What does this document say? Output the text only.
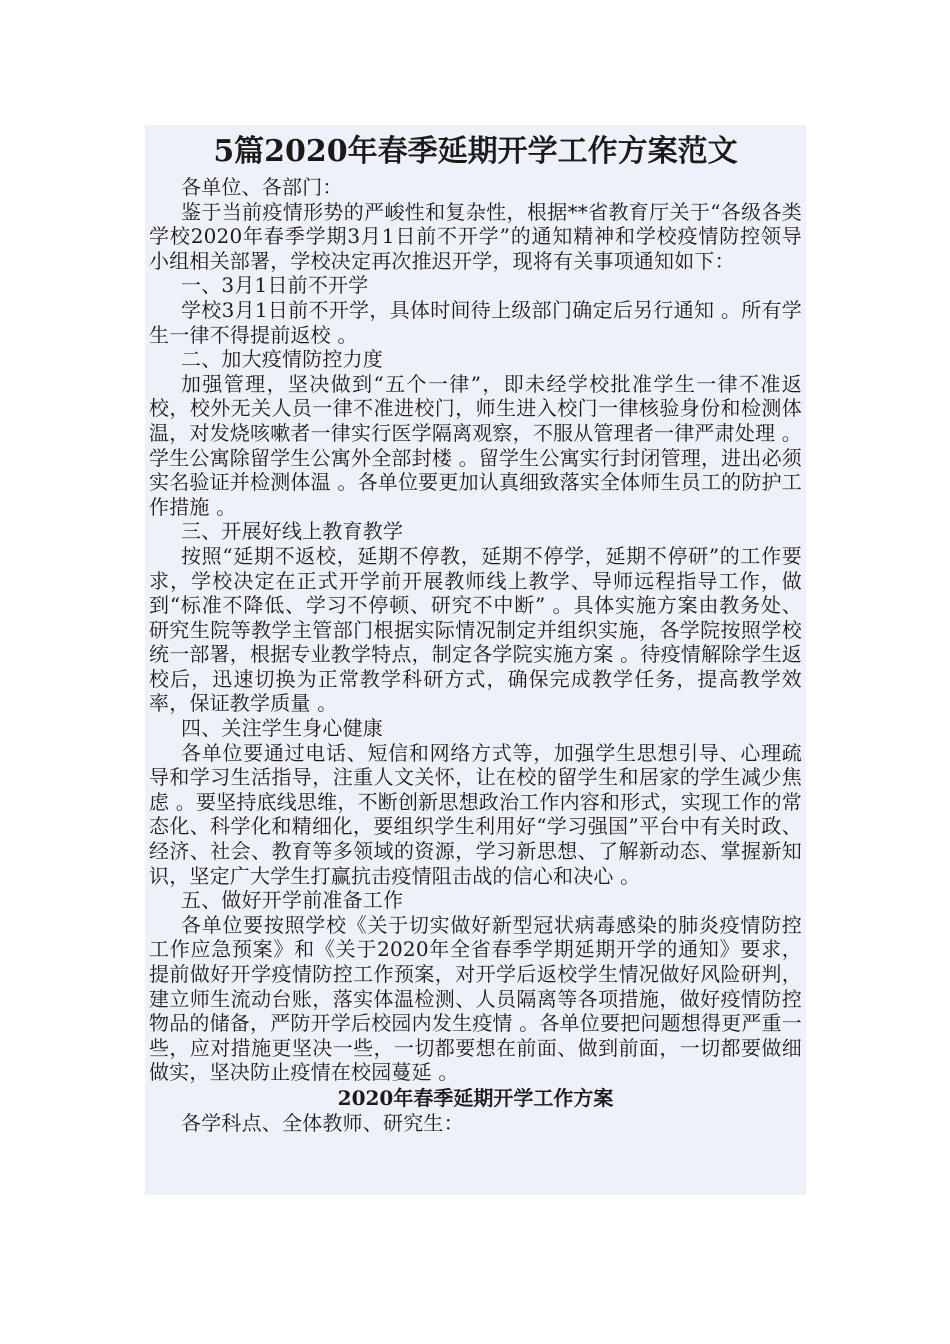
5篇2020年春季延期开学工作方案范文

各单位、各部门：

鉴于当前疫情形势的严峻性和复杂性，根据**省教育厅关于“各级各类学校2020年春季学期3月1日前不开学”的通知精神和学校疫情防控领导小组相关部署，学校决定再次推迟开学，现将有关事项通知如下：

一、3月1日前不开学

学校3月1日前不开学，具体时间待上级部门确定后另行通知 。所有学生一律不得提前返校 。

二、加大疫情防控力度

加强管理，坚决做到“五个一律”，即未经学校批准学生一律不准返校，校外无关人员一律不准进校门，师生进入校门一律核验身份和检测体温，对发烧咳嗽者一律实行医学隔离观察，不服从管理者一律严肃处理 。学生公寓除留学生公寓外全部封楼 。留学生公寓实行封闭管理，进出必须实名验证并检测体温 。各单位要更加认真细致落实全体师生员工的防护工作措施 。

三、开展好线上教育教学

按照“延期不返校，延期不停教，延期不停学，延期不停研”的工作要求，学校决定在正式开学前开展教师线上教学、导师远程指导工作，做到“标准不降低、学习不停顿、研究不中断” 。具体实施方案由教务处、研究生院等教学主管部门根据实际情况制定并组织实施，各学院按照学校统一部署，根据专业教学特点，制定各学院实施方案 。待疫情解除学生返校后，迅速切换为正常教学科研方式，确保完成教学任务，提高教学效率，保证教学质量 。

四、关注学生身心健康

各单位要通过电话、短信和网络方式等，加强学生思想引导、心理疏导和学习生活指导，注重人文关怀，让在校的留学生和居家的学生减少焦虑 。要坚持底线思维，不断创新思想政治工作内容和形式，实现工作的常态化、科学化和精细化，要组织学生利用好“学习强国”平台中有关时政、经济、社会、教育等多领域的资源，学习新思想、了解新动态、掌握新知识，坚定广大学生打赢抗击疫情阻击战的信心和决心 。

五、做好开学前准备工作

各单位要按照学校《关于切实做好新型冠状病毒感染的肺炎疫情防控工作应急预案》和《关于2020年全省春季学期延期开学的通知》要求，提前做好开学疫情防控工作预案，对开学后返校学生情况做好风险研判，建立师生流动台账，落实体温检测、人员隔离等各项措施，做好疫情防控物品的储备，严防开学后校园内发生疫情 。各单位要把问题想得更严重一些，应对措施更坚决一些，一切都要想在前面、做到前面，一切都要做细做实，坚决防止疫情在校园蔓延 。

2020年春季延期开学工作方案

各学科点、全体教师、研究生：
